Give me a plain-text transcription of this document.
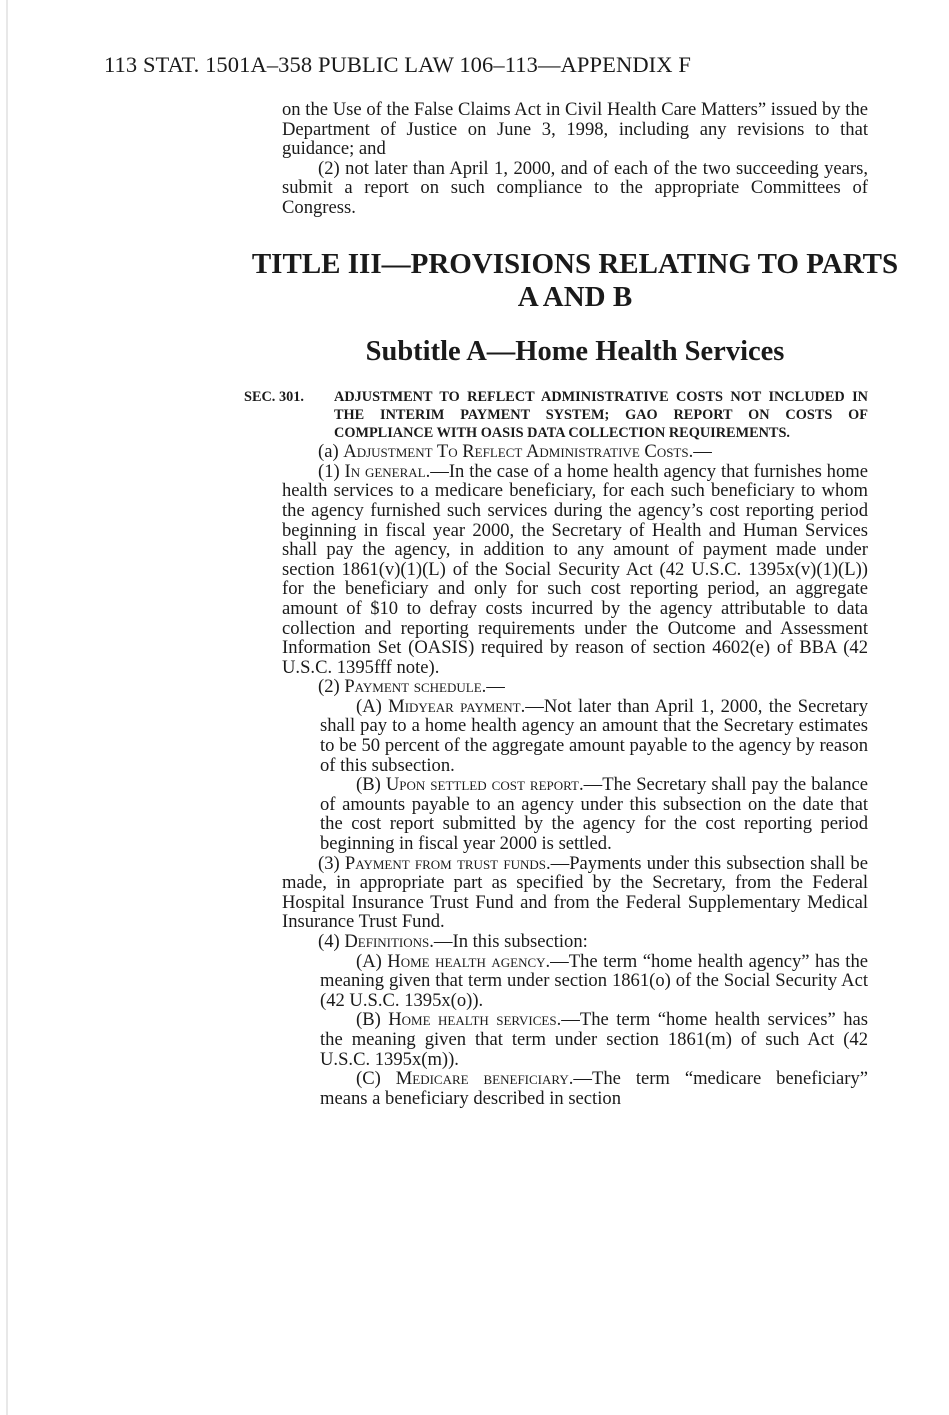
113 STAT. 1501A–358 PUBLIC LAW 106–113—APPENDIX F

on the Use of the False Claims Act in Civil Health Care Matters” issued by the Department of Justice on June 3, 1998, including any revisions to that guidance; and

(2) not later than April 1, 2000, and of each of the two succeeding years, submit a report on such compliance to the appropriate Committees of Congress.

TITLE III—PROVISIONS RELATING TO PARTS A AND B
Subtitle A—Home Health Services
SEC. 301.	ADJUSTMENT TO REFLECT ADMINISTRATIVE COSTS NOT INCLUDED IN THE INTERIM PAYMENT SYSTEM; GAO REPORT ON COSTS OF COMPLIANCE WITH OASIS DATA COLLECTION REQUIREMENTS.

(a) Adjustment To Reflect Administrative Costs.—

(1) In general.—In the case of a home health agency that furnishes home health services to a medicare beneficiary, for each such beneficiary to whom the agency furnished such services during the agency’s cost reporting period beginning in fiscal year 2000, the Secretary of Health and Human Services shall pay the agency, in addition to any amount of payment made under section 1861(v)(1)(L) of the Social Security Act (42 U.S.C. 1395x(v)(1)(L)) for the beneficiary and only for such cost reporting period, an aggregate amount of $10 to defray costs incurred by the agency attributable to data collection and reporting requirements under the Outcome and Assessment Information Set (OASIS) required by reason of section 4602(e) of BBA (42 U.S.C. 1395fff note).

(2) Payment schedule.—

(A) Midyear payment.—Not later than April 1, 2000, the Secretary shall pay to a home health agency an amount that the Secretary estimates to be 50 percent of the aggregate amount payable to the agency by reason of this subsection.

(B) Upon settled cost report.—The Secretary shall pay the balance of amounts payable to an agency under this subsection on the date that the cost report submitted by the agency for the cost reporting period beginning in fiscal year 2000 is settled.

(3) Payment from trust funds.—Payments under this subsection shall be made, in appropriate part as specified by the Secretary, from the Federal Hospital Insurance Trust Fund and from the Federal Supplementary Medical Insurance Trust Fund.

(4) Definitions.—In this subsection:

(A) Home health agency.—The term “home health agency” has the meaning given that term under section 1861(o) of the Social Security Act (42 U.S.C. 1395x(o)).

(B) Home health services.—The term “home health services” has the meaning given that term under section 1861(m) of such Act (42 U.S.C. 1395x(m)).

(C) Medicare beneficiary.—The term “medicare beneficiary” means a beneficiary described in section
